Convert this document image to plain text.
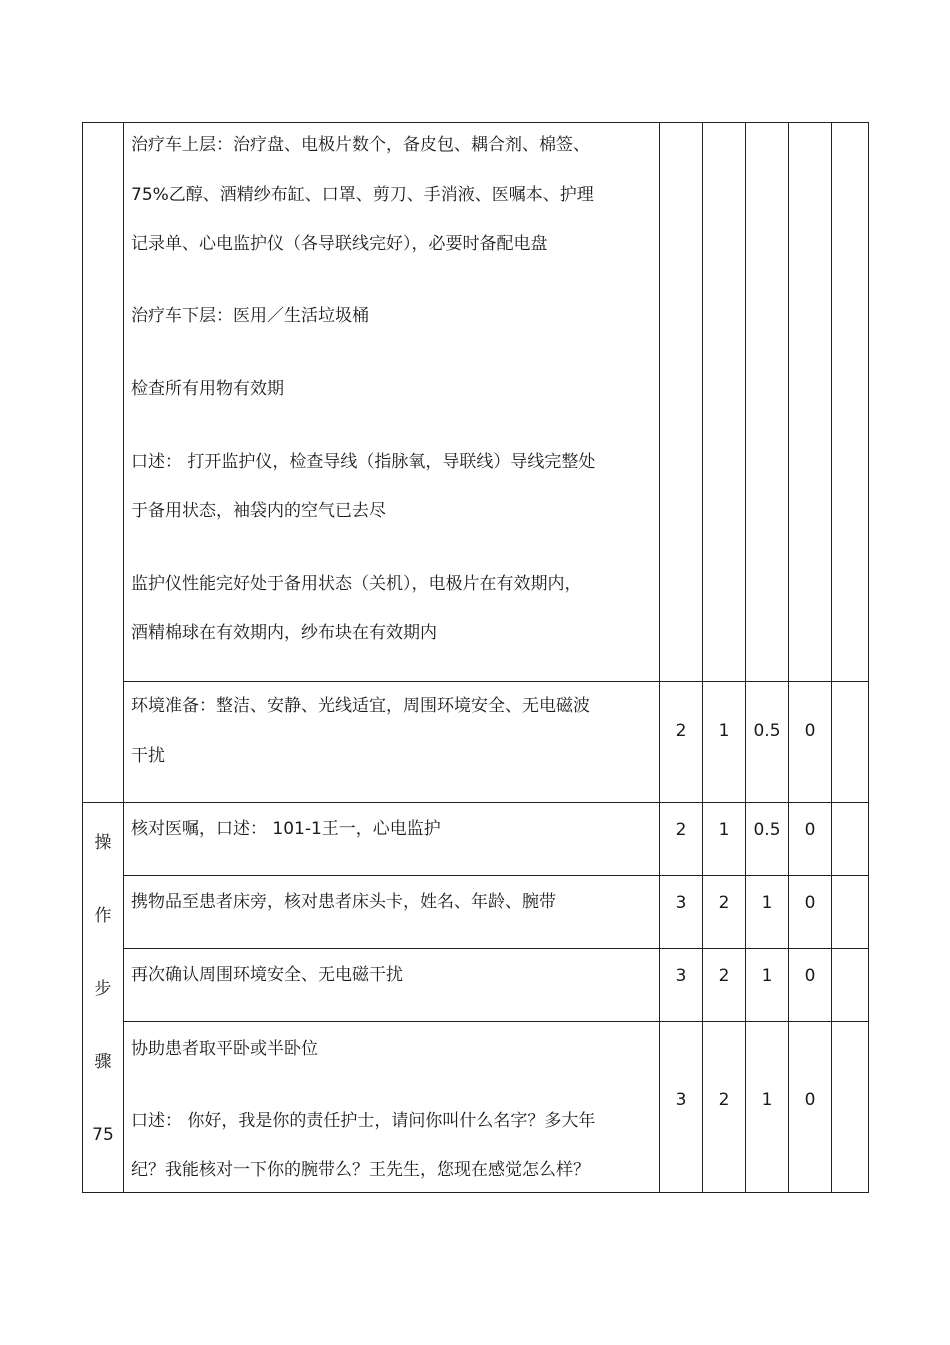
治疗车上层：治疗盘、电极片数个，备皮包、耦合剂、棉签、
75%乙醇、酒精纱布缸、口罩、剪刀、手消液、医嘱本、护理
记录单、心电监护仪（各导联线完好），必要时备配电盘
治疗车下层：医用／生活垃圾桶
检查所有用物有效期
口述： 打开监护仪，检查导线（指脉氧，导联线）导线完整处
于备用状态，袖袋内的空气已去尽
监护仪性能完好处于备用状态（关机），电极片在有效期内，
酒精棉球在有效期内，纱布块在有效期内
环境准备：整洁、安静、光线适宜，周围环境安全、无电磁波
干扰
2	1	0.5	0
操
作
步
骤
75
核对医嘱，口述： 101-1王一，心电监护	2	1	0.5	0
携物品至患者床旁，核对患者床头卡，姓名、年龄、腕带	3	2	1	0
再次确认周围环境安全、无电磁干扰	3	2	1	0
协助患者取平卧或半卧位
口述： 你好，我是你的责任护士，请问你叫什么名字？多大年
纪？我能核对一下你的腕带么？王先生，您现在感觉怎么样？
3	2	1	0
